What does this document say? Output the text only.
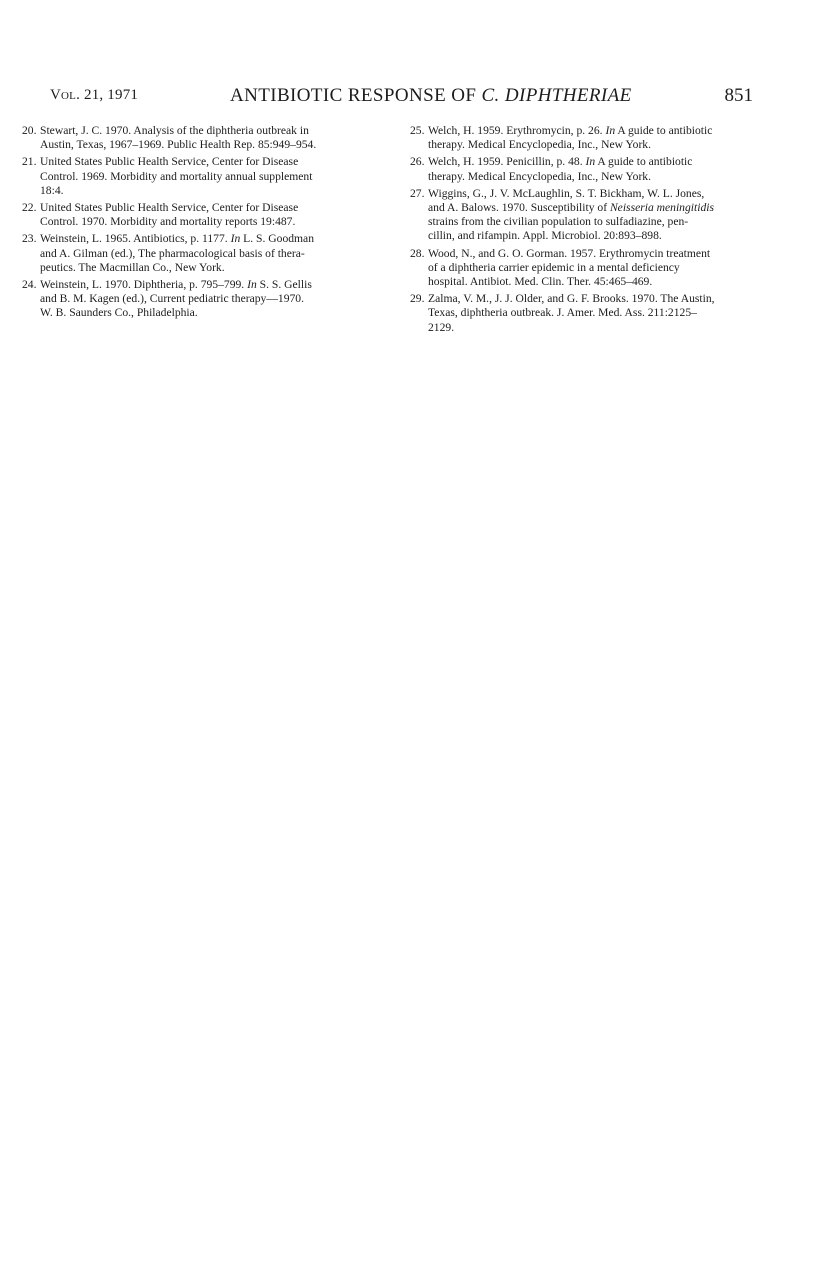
Vol. 21, 1971	ANTIBIOTIC RESPONSE OF C. DIPHTHERIAE	851
20. Stewart, J. C. 1970. Analysis of the diphtheria outbreak in
Austin, Texas, 1967–1969. Public Health Rep. 85:949–954.
21. United States Public Health Service, Center for Disease
Control. 1969. Morbidity and mortality annual supplement
18:4.
22. United States Public Health Service, Center for Disease
Control. 1970. Morbidity and mortality reports 19:487.
23. Weinstein, L. 1965. Antibiotics, p. 1177. In L. S. Goodman
and A. Gilman (ed.), The pharmacological basis of thera-
peutics. The Macmillan Co., New York.
24. Weinstein, L. 1970. Diphtheria, p. 795–799. In S. S. Gellis
and B. M. Kagen (ed.), Current pediatric therapy—1970.
W. B. Saunders Co., Philadelphia.
25. Welch, H. 1959. Erythromycin, p. 26. In A guide to antibiotic
therapy. Medical Encyclopedia, Inc., New York.
26. Welch, H. 1959. Penicillin, p. 48. In A guide to antibiotic
therapy. Medical Encyclopedia, Inc., New York.
27. Wiggins, G., J. V. McLaughlin, S. T. Bickham, W. L. Jones,
and A. Balows. 1970. Susceptibility of Neisseria meningitidis
strains from the civilian population to sulfadiazine, pen-
cillin, and rifampin. Appl. Microbiol. 20:893–898.
28. Wood, N., and G. O. Gorman. 1957. Erythromycin treatment
of a diphtheria carrier epidemic in a mental deficiency
hospital. Antibiot. Med. Clin. Ther. 45:465–469.
29. Zalma, V. M., J. J. Older, and G. F. Brooks. 1970. The Austin,
Texas, diphtheria outbreak. J. Amer. Med. Ass. 211:2125–
2129.
